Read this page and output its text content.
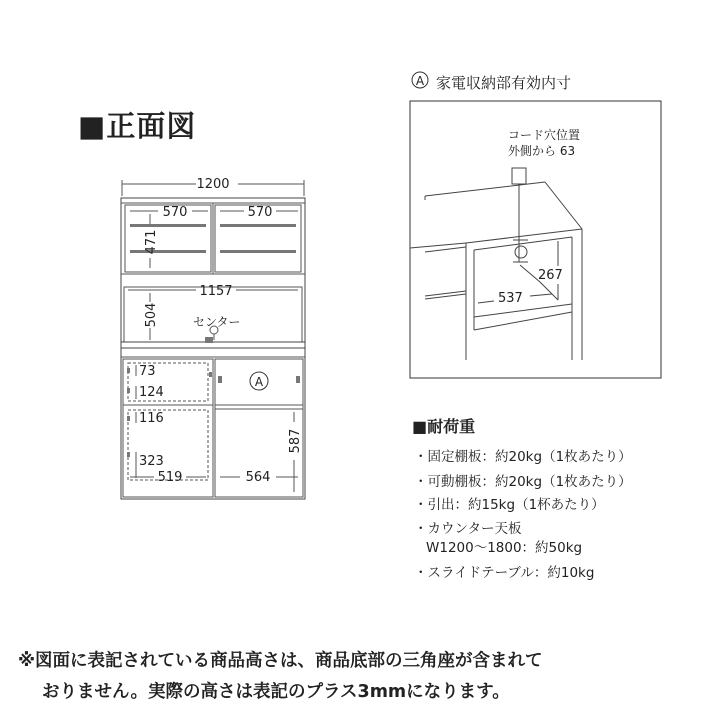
■正面図
1200
570	570
1157
センター
73
124
116
323
519	564
A
471
504
587
A
コード穴位置
外側から 63
267
537
家電収納部有効内寸
■耐荷重
・固定棚板：約20kg（1枚あたり）
・可動棚板：約20kg（1枚あたり）
・引出：約15kg（1杯あたり）
・カウンター天板
W1200〜1800：約50kg
・スライドテーブル：約10kg
※図面に表記されている商品高さは、商品底部の三角座が含まれて
おりません。実際の高さは表記のプラス3mmになります。
